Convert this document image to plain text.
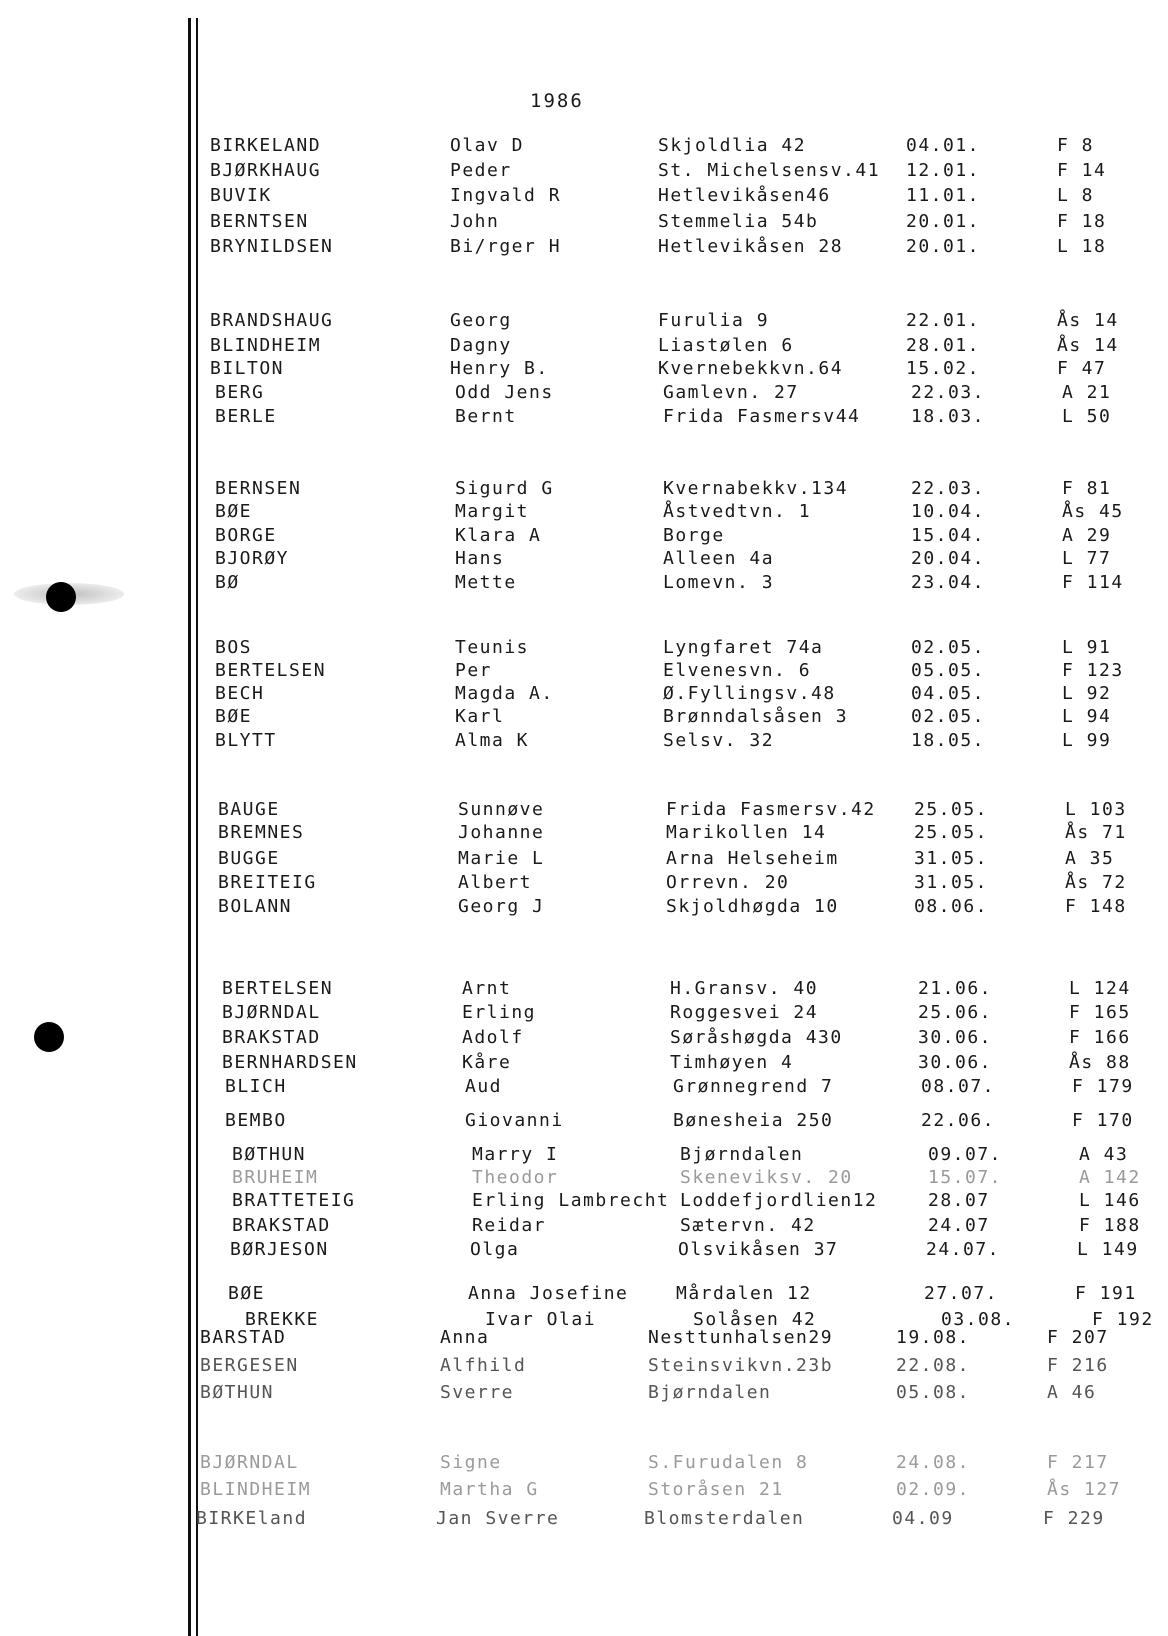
1986
BIRKELAND	Olav D	Skjoldlia 42	04.01.	F 8
BJØRKHAUG	Peder	St. Michelsensv.41 12.01.	F 14
BUVIK	Ingvald R	Hetlevikåsen46	11.01.	L 8
BERNTSEN	John	Stemmelia 54b	20.01.	F 18
BRYNILDSEN	Bi/rger H	Hetlevikåsen 28	20.01.	L 18
BRANDSHAUG	Georg	Furulia 9	22.01.	Ås 14
BLINDHEIM	Dagny	Liastølen 6	28.01.	Ås 14
BILTON	Henry B.	Kvernebekkvn.64	15.02.	F 47
BERG	Odd Jens	Gamlevn. 27	22.03.	A 21
BERLE	Bernt	Frida Fasmersv44	18.03.	L 50
BERNSEN	Sigurd G	Kvernabekkv.134	22.03.	F 81
BØE	Margit	Åstvedtvn. 1	10.04.	Ås 45
BORGE	Klara A	Borge	15.04.	A 29
BJORØY	Hans	Alleen 4a	20.04.	L 77
BØ	Mette	Lomevn. 3	23.04.	F 114
BOS	Teunis	Lyngfaret 74a	02.05.	L 91
BERTELSEN	Per	Elvenesvn. 6	05.05.	F 123
BECH	Magda A.	Ø.Fyllingsv.48	04.05.	L 92
BØE	Karl	Brønndalsåsen 3	02.05.	L 94
BLYTT	Alma K	Selsv. 32	18.05.	L 99
BAUGE	Sunnøve	Frida Fasmersv.42 25.05.	L 103
BREMNES	Johanne	Marikollen 14	25.05.	Ås 71
BUGGE	Marie L	Arna Helseheim	31.05.	A 35
BREITEIG	Albert	Orrevn. 20	31.05.	Ås 72
BOLANN	Georg J	Skjoldhøgda 10	08.06.	F 148
BERTELSEN	Arnt	H.Gransv. 40	21.06.	L 124
BJØRNDAL	Erling	Roggesvei 24	25.06.	F 165
BRAKSTAD	Adolf	Søråshøgda 430	30.06.	F 166
BERNHARDSEN	Kåre	Timhøyen 4	30.06.	Ås 88
BLICH	Aud	Grønnegrend 7	08.07.	F 179
BEMBO	Giovanni	Bønesheia 250	22.06.	F 170
BØTHUN	Marry I	Bjørndalen	09.07.	A 43
BRUHEIM	Theodor	Skeneviksv. 20	15.07.	A 142
BRATTETEIG	Erling Lambrecht Loddefjordlien12	28.07	L 146
BRAKSTAD	Reidar	Sætervn. 42	24.07	F 188
BØRJESON	Olga	Olsvikåsen 37	24.07.	L 149
BØE	Anna Josefine	Mårdalen 12	27.07.	F 191
BREKKE	Ivar Olai	Solåsen 42	03.08.	F 192
BARSTAD	Anna	Nesttunhalsen29	19.08.	F 207
BERGESEN	Alfhild	Steinsvikvn.23b	22.08.	F 216
BØTHUN	Sverre	Bjørndalen	05.08.	A 46
BJØRNDAL	Signe	S.Furudalen 8	24.08.	F 217
BLINDHEIM	Martha G	Storåsen 21	02.09.	Ås 127
BIRKEland	Jan Sverre	Blomsterdalen	04.09	F 229
